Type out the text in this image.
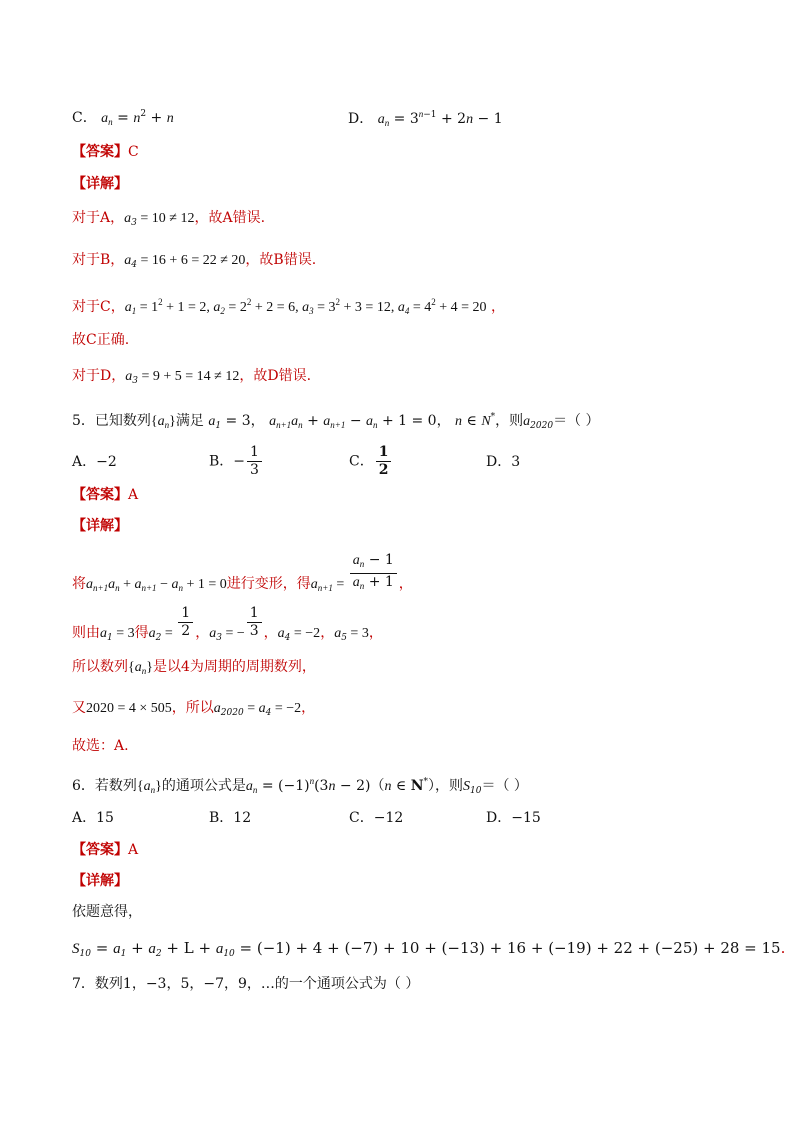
C． $a_n = n^2 + n$	D． $a_n = 3^{n-1} + 2n - 1$
【答案】C
【详解】
对于A，$a_3 = 10 \ne 12$，故A错误.
对于B，$a_4 = 16 + 6 = 22 \ne 20$，故B错误.
对于C，$a_1 = 1^2 + 1 = 2$, $a_2 = 2^2 + 2 = 6$, $a_3 = 3^2 + 3 = 12$, $a_4 = 4^2 + 4 = 20$ ，
故C正确.
对于D，$a_3 = 9 + 5 = 14 \ne 12$，故D错误.
5．已知数列$\{a_n\}$满足 $a_1 = 3$， $a_{n+1}a_n + a_{n+1} - a_n + 1 = 0$， n ∈ N*，则$a_{2020}=$（ ）
A．−2	B．− $\frac{1}{3}$	C． $\frac{1}{2}$	D．3
【答案】A
【详解】
将$a_{n+1}a_n + a_{n+1} - a_n + 1 = 0$进行变形，得$a_{n+1} = \frac{a_n - 1}{a_n + 1}$ ，
则由$a_1 = 3$得$a_2 = \frac{1}{2}$ ，$a_3$ = − $\frac{1}{3}$ ，$a_4 = -2$，$a_5 = 3$，
所以数列$\{a_n\}$是以4为周期的周期数列，
又2020 = 4 × 505，所以$a_{2020} = a_4 = -2$，
故选：A.
6．若数列$\{a_n\}$的通项公式是$a_n = (-1)^n(3n - 2)(n$ ∈ N*），则$S_{10}=$（ ）
A．15	B．12	C．−12	D．−15
【答案】A
【详解】
依题意得，
$S_{10} = a_1 + a_2 + L + a_{10} = (-1) + 4 + (-7) + 10 + (-13) + 16 + (-19) + 22 + (-25) + 28 = 15$.
7．数列1，−3，5，−7，9，…的一个通项公式为（ ）
